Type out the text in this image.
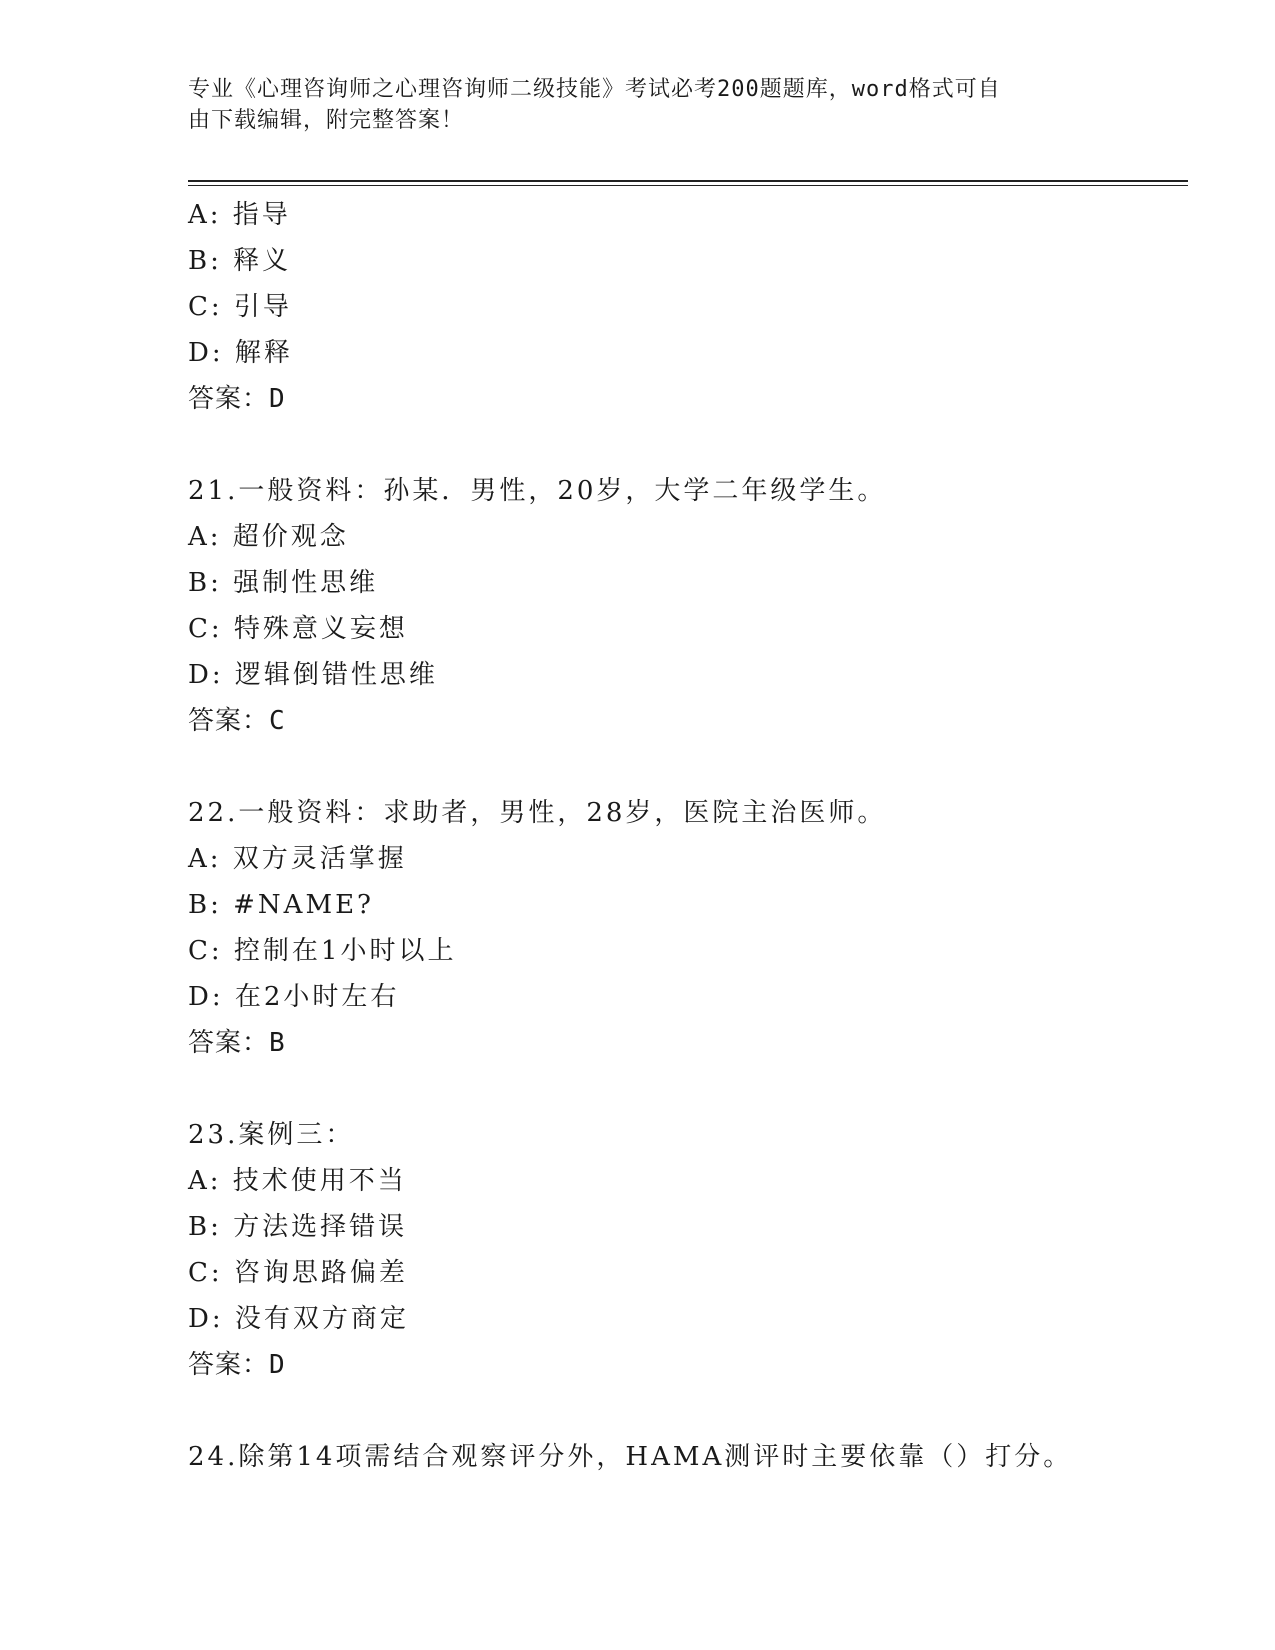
专业《心理咨询师之心理咨询师二级技能》考试必考200题题库，word格式可自
由下载编辑，附完整答案！
A: 指导
B: 释义
C: 引导
D: 解释
答案：D
21.一般资料：孙某．男性，20岁，大学二年级学生。
A: 超价观念
B: 强制性思维
C: 特殊意义妄想
D: 逻辑倒错性思维
答案：C
22.一般资料：求助者，男性，28岁，医院主治医师。
A: 双方灵活掌握
B: #NAME?
C: 控制在1小时以上
D: 在2小时左右
答案：B
23.案例三：
A: 技术使用不当
B: 方法选择错误
C: 咨询思路偏差
D: 没有双方商定
答案：D
24.除第14项需结合观察评分外，HAMA测评时主要依靠（）打分。
